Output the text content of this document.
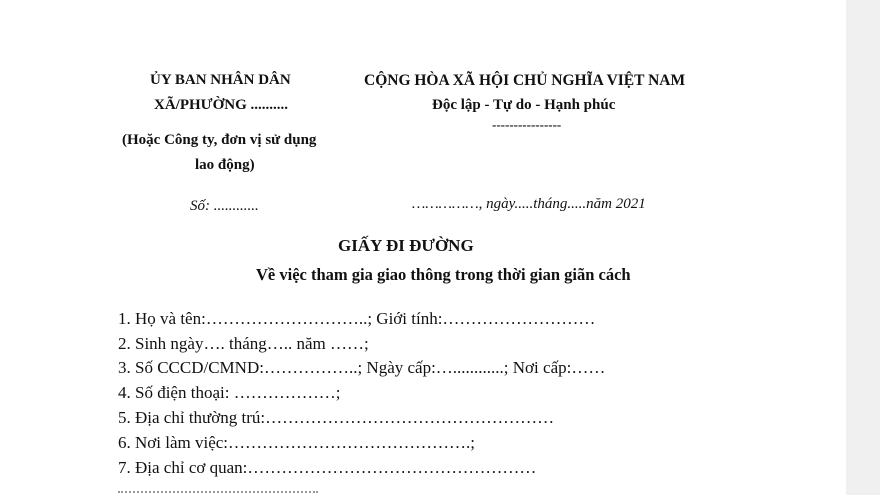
ỦY BAN NHÂN DÂN
XÃ/PHƯỜNG ..........
(Hoặc Công ty, đơn vị sử dụng
lao động)
Số: ............
CỘNG HÒA XÃ HỘI CHỦ NGHĨA VIỆT NAM
Độc lập - Tự do - Hạnh phúc
----------------
……………, ngày.....tháng.....năm 2021
GIẤY ĐI ĐƯỜNG
Về việc tham gia giao thông trong thời gian giãn cách
1. Họ và tên:………………………..; Giới tính:………………………
2. Sinh ngày…. tháng….. năm ……;
3. Số CCCD/CMND:……………..; Ngày cấp:…............; Nơi cấp:……
4. Số điện thoại: ………………;
5. Địa chỉ thường trú:……………………………………………
6. Nơi làm việc:…………………………………….;
7. Địa chỉ cơ quan:……………………………………………
